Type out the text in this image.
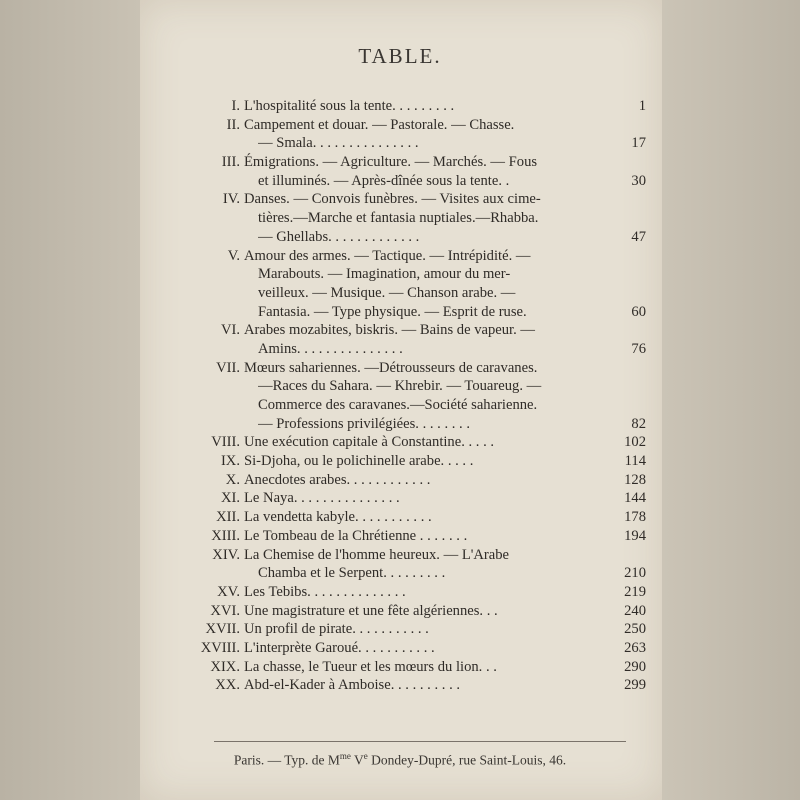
TABLE.
I. L'hospitalité sous la tente. . . . . . . . .	1
II. Campement et douar. — Pastorale. — Chasse.
— Smala. . . . . . . . . . . . . . .	17
III. Émigrations. — Agriculture. — Marchés. — Fous
et illuminés. — Après-dînée sous la tente. .	30
IV. Danses. — Convois funèbres. — Visites aux cime-
tières.—Marche et fantasia nuptiales.—Rhabba.
— Ghellabs. . . . . . . . . . . . .	47
V. Amour des armes. — Tactique. — Intrépidité. —
Marabouts. — Imagination, amour du mer-
veilleux. — Musique. — Chanson arabe. —
Fantasia. — Type physique. — Esprit de ruse.	60
VI. Arabes mozabites, biskris. — Bains de vapeur. —
Amins. . . . . . . . . . . . . . .	76
VII. Mœurs sahariennes. —Détrousseurs de caravanes.
—Races du Sahara. — Khrebir. — Touareug. —
Commerce des caravanes.—Société saharienne.
— Professions privilégiées. . . . . . . .	82
VIII. Une exécution capitale à Constantine. . . . .	102
IX. Si-Djoha, ou le polichinelle arabe. . . . .	114
X. Anecdotes arabes. . . . . . . . . . . .	128
XI. Le Naya. . . . . . . . . . . . . . .	144
XII. La vendetta kabyle. . . . . . . . . . .	178
XIII. Le Tombeau de la Chrétienne . . . . . . .	194
XIV. La Chemise de l'homme heureux. — L'Arabe
Chamba et le Serpent. . . . . . . . .	210
XV. Les Tebibs. . . . . . . . . . . . . .	219
XVI. Une magistrature et une fête algériennes. . .	240
XVII. Un profil de pirate. . . . . . . . . . .	250
XVIII. L'interprète Garoué. . . . . . . . . . .	263
XIX. La chasse, le Tueur et les mœurs du lion. . .	290
XX. Abd-el-Kader à Amboise. . . . . . . . . .	299
Paris. — Typ. de $M^{me}$ Ve Dondey-Dupré, rue Saint-Louis, 46.
